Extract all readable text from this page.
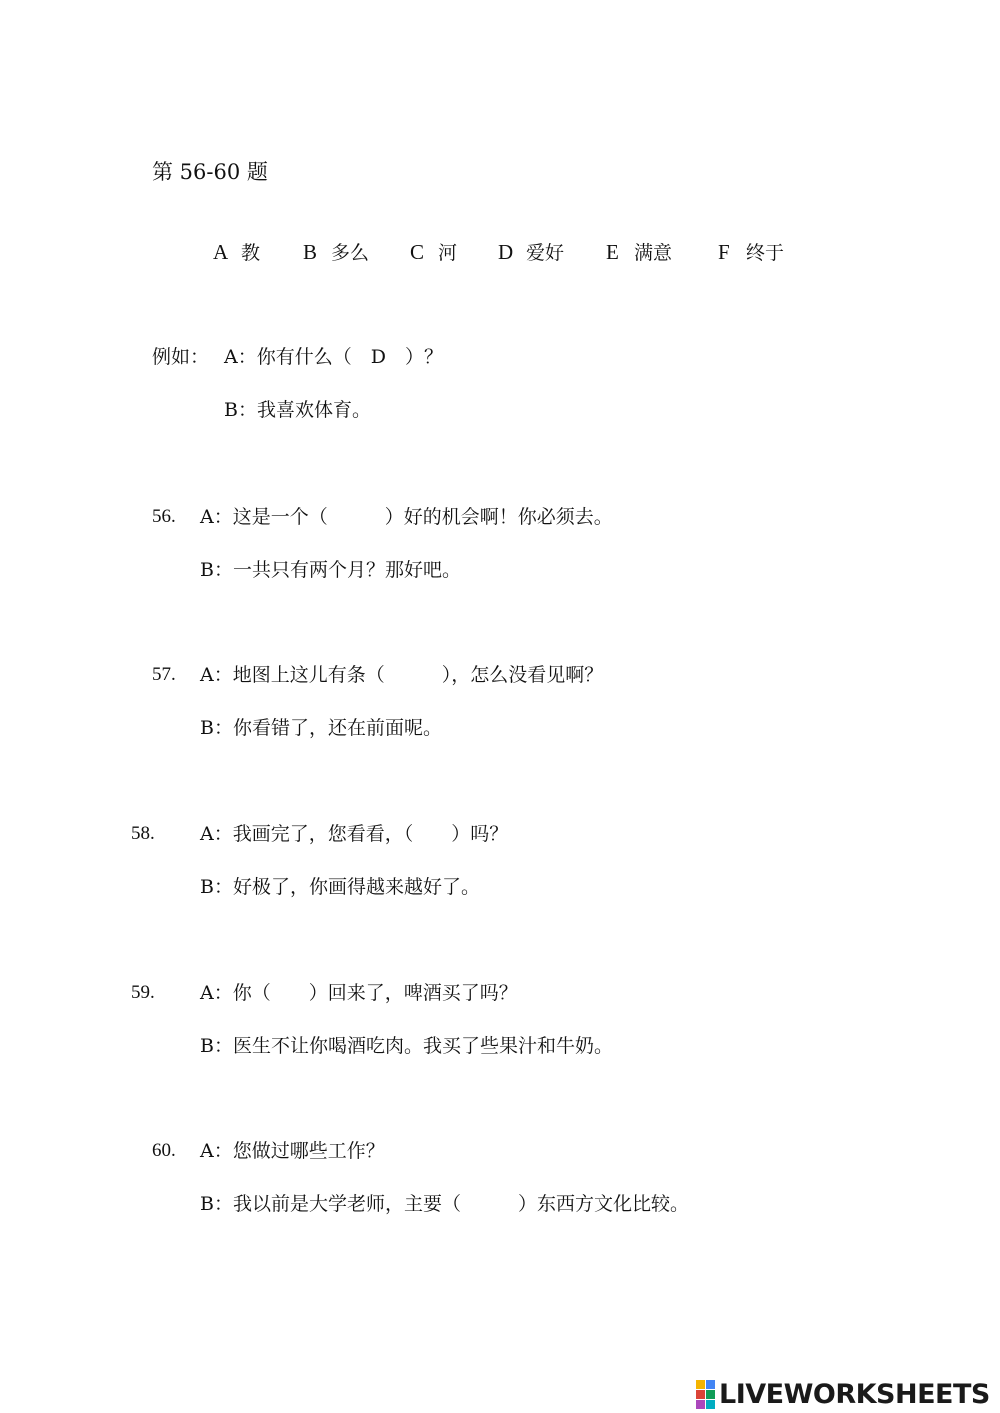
第 56-60 题
A 教 B 多么 C 河 D 爱好 E 满意 F 终于
例如： A：你有什么（　D　）？
B：我喜欢体育。
56. A：这是一个（　　　）好的机会啊！你必须去。
B：一共只有两个月？那好吧。
57. A：地图上这儿有条（　　　），怎么没看见啊？
B：你看错了，还在前面呢。
58. A：我画完了，您看看，（　　）吗？
B：好极了，你画得越来越好了。
59. A：你（　　）回来了，啤酒买了吗？
B：医生不让你喝酒吃肉。我买了些果汁和牛奶。
60. A：您做过哪些工作？
B：我以前是大学老师，主要（　　　）东西方文化比较。
LIVEWORKSHEETS
